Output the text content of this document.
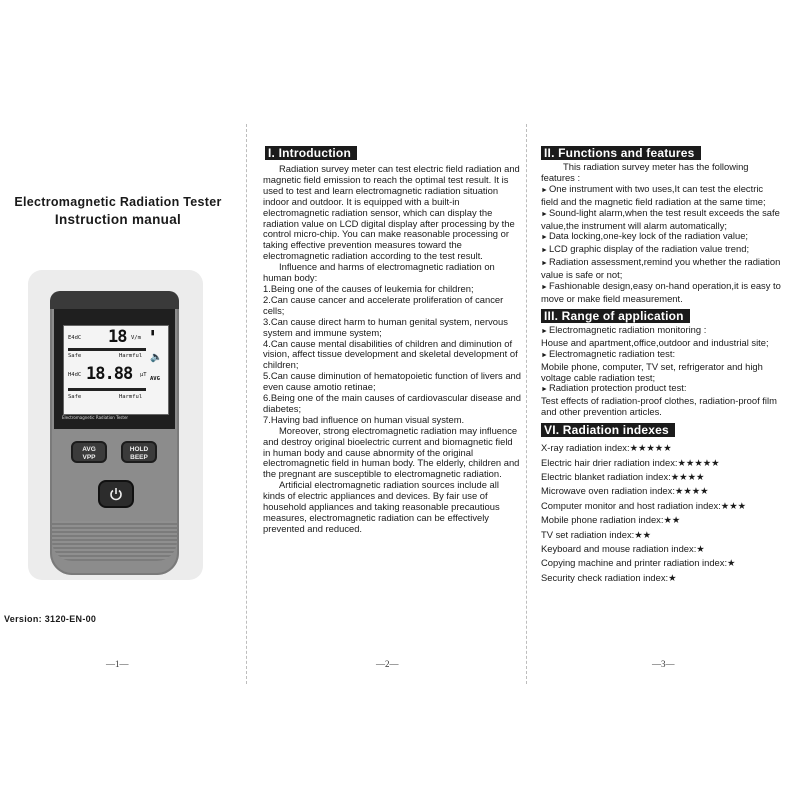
Electromagnetic Radiation Tester
Instruction manual
E4dC 18 V/m ▮
Safe	Harmful 🔈
H4dC 18.88 µT
AVG
Safe	Harmful
Electromagnetic Radiation Tester
AVG
VPP
HOLD
BEEP
Version: 3120-EN-00
—1—
I. Introduction

Radiation survey meter can test electric field radiation and magnetic field emission to reach the optimal test result. It is used to test and learn electromagnetic radiation situation indoor and outdoor. It is equipped with a built-in electromagnetic radiation sensor, which can display the radiation value on LCD digital display after processing by the control micro-chip. You can make reasonable processing or taking effective prevention measures toward the electromagnetic radiation according to the test result.

Influence and harms of electromagnetic radiation on human body:

1.Being one of the causes of leukemia for children;
2.Can cause cancer and accelerate proliferation of cancer cells;
3.Can cause direct harm to human genital system, nervous system and immune system;
4.Can cause mental disabilities of children and diminution of vision, affect tissue development and skeletal development of children;
5.Can cause diminution of hematopoietic function of livers and even cause amotio retinae;
6.Being one of the main causes of cardiovascular disease and diabetes;
7.Having bad influence on human visual system.

Moreover, strong electromagnetic radiation may influence and destroy original bioelectric current and biomagnetic field in human body and cause abnormity of the original electromagnetic field in human body. The elderly, children and the pregnant are susceptible to electromagnetic radiation.

Artificial electromagnetic radiation sources include all kinds of electric appliances and devices. By fair use of household appliances and taking reasonable precautious measures, electromagnetic radiation can be effectively prevented and reduced.

—2—
II. Functions and features

This radiation survey meter has the following features :

► One instrument with two uses,It can test the electric field and the magnetic field radiation at the same time;
► Sound-light alarm,when the test result exceeds the safe value,the instrument will alarm automatically;
► Data locking,one-key lock of the radiation value;
► LCD graphic display of the radiation value trend;
► Radiation assessment,remind you whether the radiation value is safe or not;
► Fashionable design,easy on-hand operation,it is easy to move or make field measurement.
III. Range of application
► Electromagnetic radiation monitoring :
House and apartment,office,outdoor and industrial site;
► Electromagnetic radiation test:
Mobile phone, computer, TV set, refrigerator and high voltage cable radiation test;
► Radiation protection product test:
Test effects of radiation-proof clothes, radiation-proof film and other prevention articles.
VI. Radiation indexes
X-ray radiation index:★★★★★
Electric hair drier radiation index:★★★★★
Electric blanket radiation index:★★★★
Microwave oven radiation index:★★★★
Computer monitor and host radiation index:★★★
Mobile phone radiation index:★★
TV set radiation index:★★
Keyboard and mouse radiation index:★
Copying machine and printer radiation index:★
Security check radiation index:★
—3—
